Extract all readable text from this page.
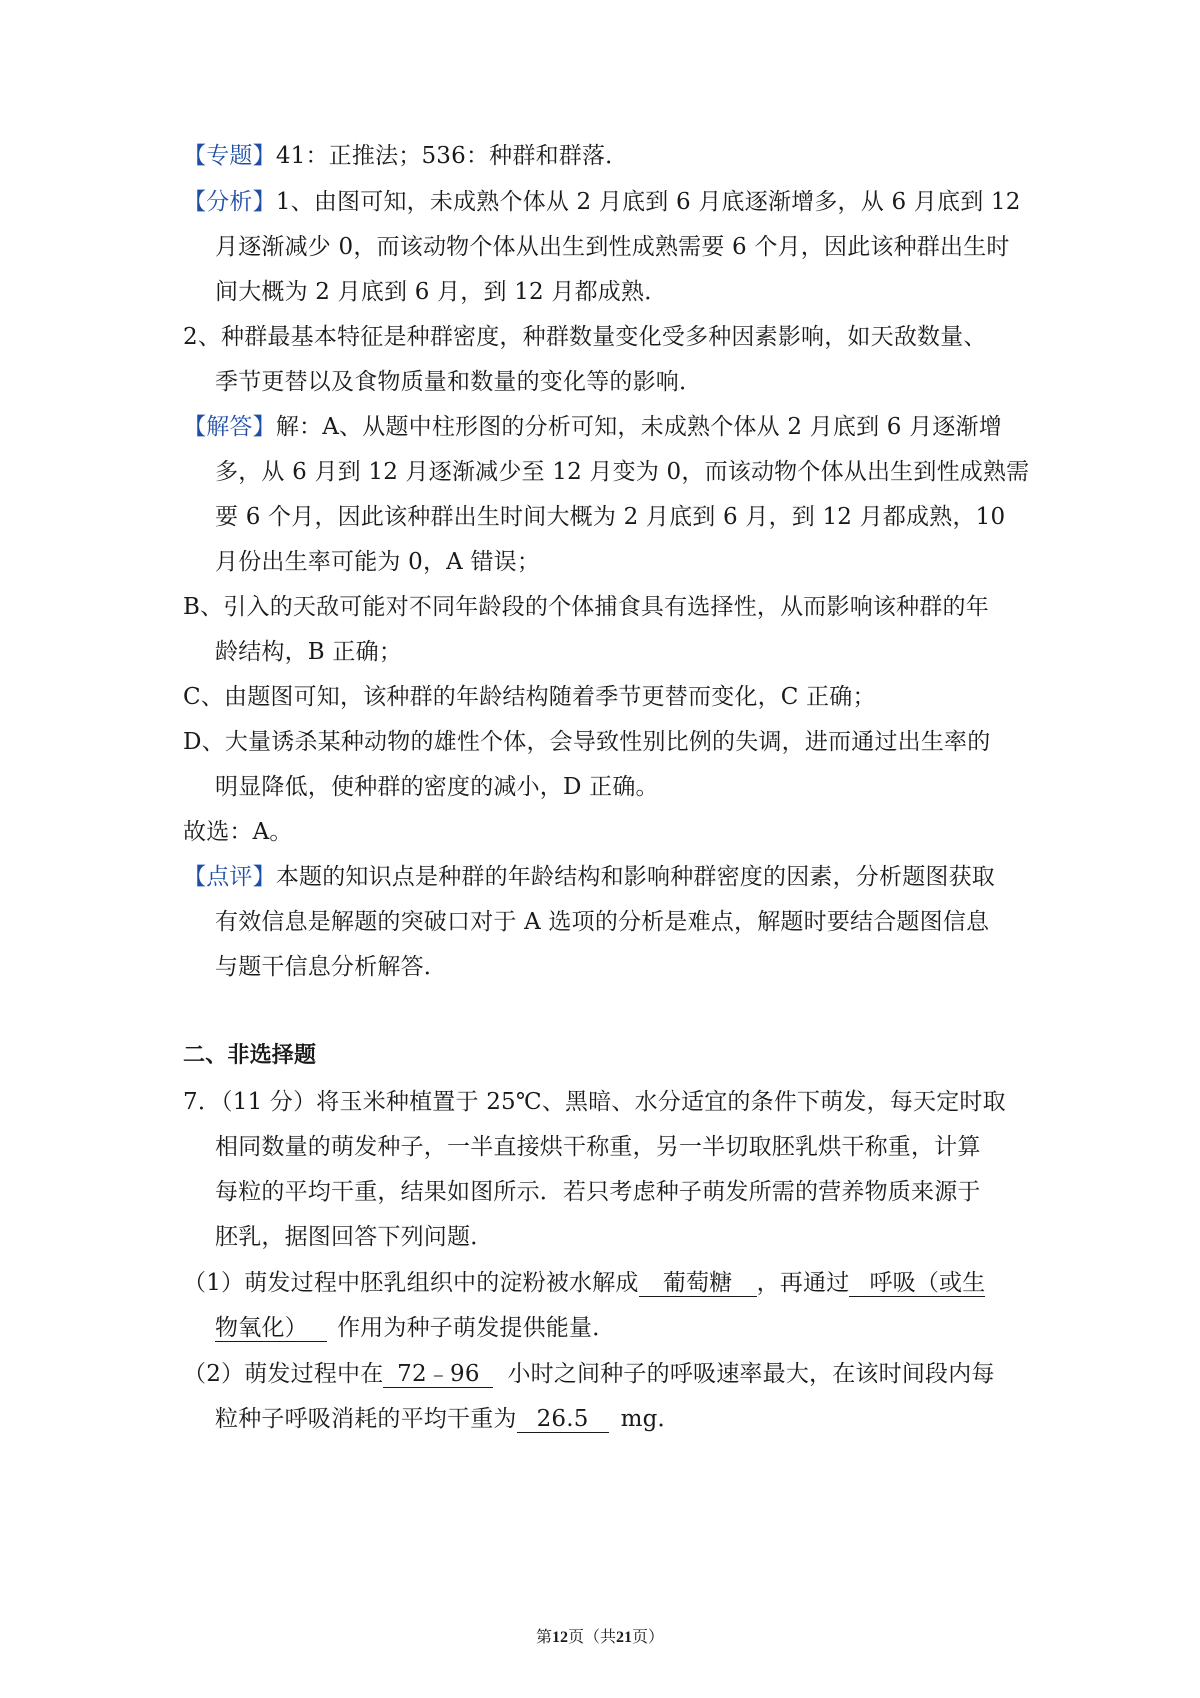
【专题】41：正推法；536：种群和群落．
【分析】1、由图可知，未成熟个体从 2 月底到 6 月底逐渐增多，从 6 月底到 12
月逐渐减少 0，而该动物个体从出生到性成熟需要 6 个月，因此该种群出生时
间大概为 2 月底到 6 月，到 12 月都成熟．
2、种群最基本特征是种群密度，种群数量变化受多种因素影响，如天敌数量、
季节更替以及食物质量和数量的变化等的影响．
【解答】解：A、从题中柱形图的分析可知，未成熟个体从 2 月底到 6 月逐渐增
多，从 6 月到 12 月逐渐减少至 12 月变为 0，而该动物个体从出生到性成熟需
要 6 个月，因此该种群出生时间大概为 2 月底到 6 月，到 12 月都成熟，10
月份出生率可能为 0，A 错误；
B、引入的天敌可能对不同年龄段的个体捕食具有选择性，从而影响该种群的年
龄结构，B 正确；
C、由题图可知，该种群的年龄结构随着季节更替而变化，C 正确；
D、大量诱杀某种动物的雄性个体，会导致性别比例的失调，进而通过出生率的
明显降低，使种群的密度的减小，D 正确。
故选：A。
【点评】本题的知识点是种群的年龄结构和影响种群密度的因素，分析题图获取
有效信息是解题的突破口对于 A 选项的分析是难点，解题时要结合题图信息
与题干信息分析解答．
二、非选择题
7．（11 分）将玉米种植置于 25℃、黑暗、水分适宜的条件下萌发，每天定时取
相同数量的萌发种子，一半直接烘干称重，另一半切取胚乳烘干称重，计算
每粒的平均干重，结果如图所示．若只考虑种子萌发所需的营养物质来源于
胚乳，据图回答下列问题．
（1）萌发过程中胚乳组织中的淀粉被水解成 葡萄糖 ，再通过 呼吸（或生
物氧化） 作用为种子萌发提供能量．
（2）萌发过程中在 72﹣96 小时之间种子的呼吸速率最大，在该时间段内每
粒种子呼吸消耗的平均干重为 26.5 mg．
第12页（共21页）
